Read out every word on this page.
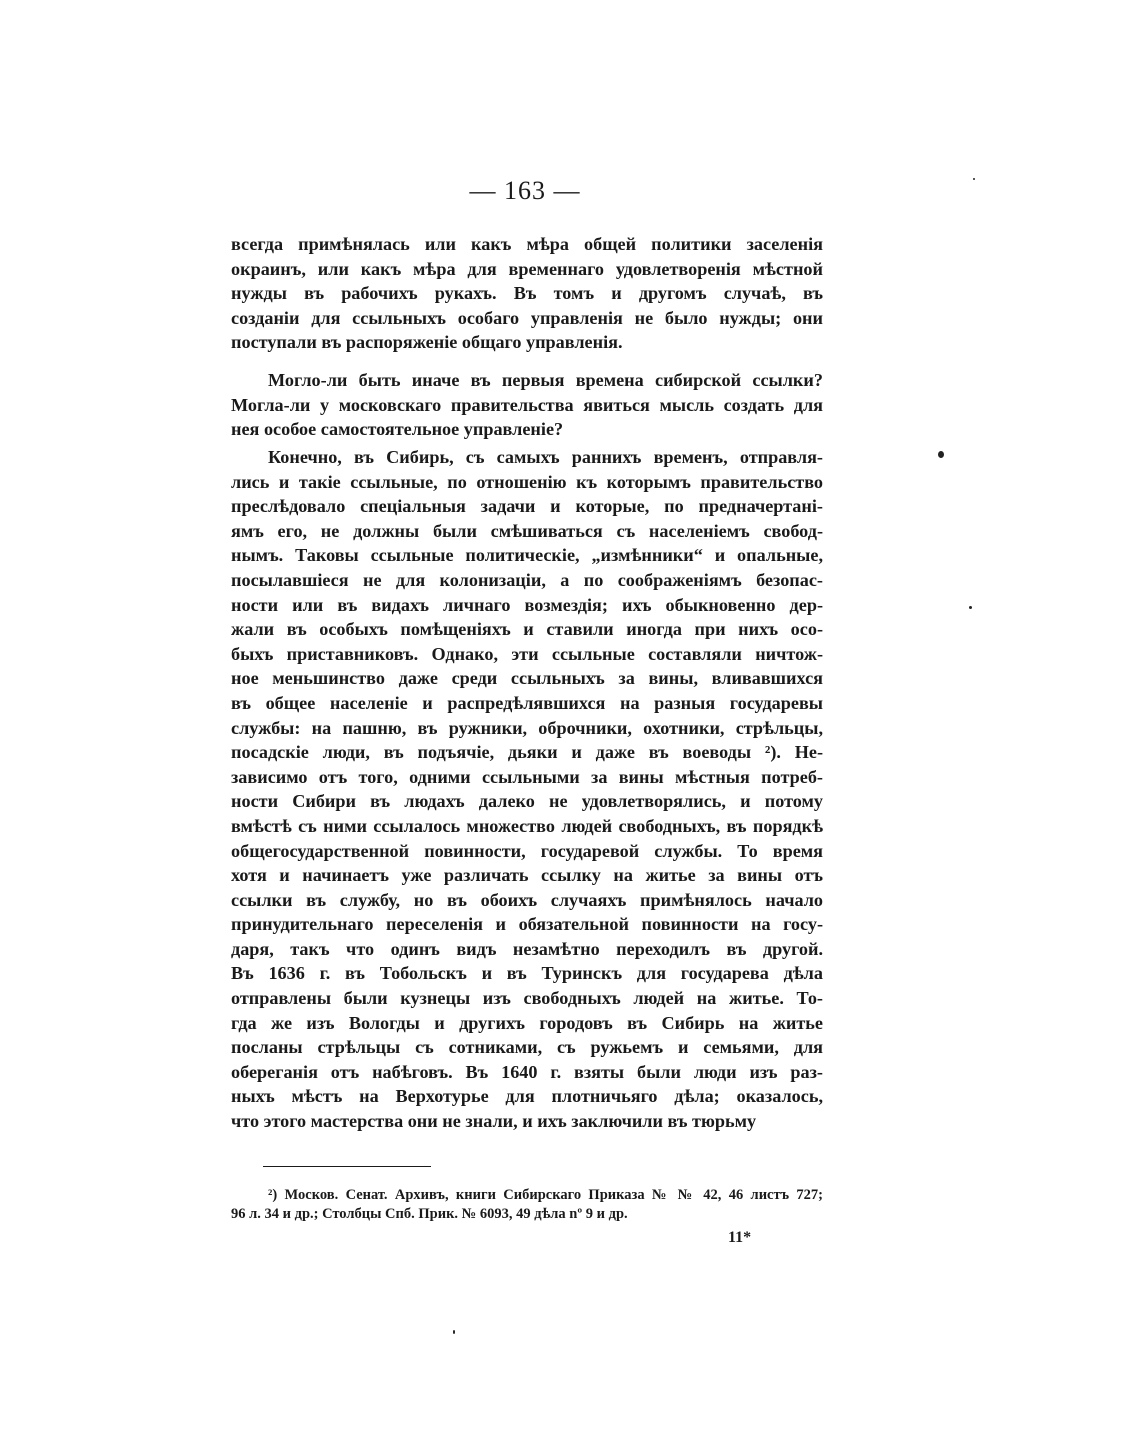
— 163 —
всегда примѣнялась или какъ мѣра общей политики заселенія
окраинъ, или какъ мѣра для временнаго удовлетворенія мѣстной
нужды въ рабочихъ рукахъ. Въ томъ и другомъ случаѣ, въ
созданіи для ссыльныхъ особаго управленія не было нужды; они
поступали въ распоряженіе общаго управленія.
Могло-ли быть иначе въ первыя времена сибирской ссылки?
Могла-ли у московскаго правительства явиться мысль создать для
нея особое самостоятельное управленіе?
Конечно, въ Сибирь, съ самыхъ раннихъ временъ, отправля-
лись и такіе ссыльные, по отношенію къ которымъ правительство
преслѣдовало спеціальныя задачи и которые, по предначертані-
ямъ его, не должны были смѣшиваться съ населеніемъ свобод-
нымъ. Таковы ссыльные политическіе, „измѣнники“ и опальные,
посылавшіеся не для колонизаціи, а по соображеніямъ безопас-
ности или въ видахъ личнаго возмездія; ихъ обыкновенно дер-
жали въ особыхъ помѣщеніяхъ и ставили иногда при нихъ осо-
быхъ приставниковъ. Однако, эти ссыльные составляли ничтож-
ное меньшинство даже среди ссыльныхъ за вины, вливавшихся
въ общее населеніе и распредѣлявшихся на разныя государевы
службы: на пашню, въ ружники, оброчники, охотники, стрѣльцы,
посадскіе люди, въ подъячіе, дьяки и даже въ воеводы ²). Не-
зависимо отъ того, одними ссыльными за вины мѣстныя потреб-
ности Сибири въ людахъ далеко не удовлетворялись, и потому
вмѣстѣ съ ними ссылалось множество людей свободныхъ, въ порядкѣ
общегосударственной повинности, государевой службы. То время
хотя и начинаетъ уже различать ссылку на житье за вины отъ
ссылки въ службу, но въ обоихъ случаяхъ примѣнялось начало
принудительнаго переселенія и обязательной повинности на госу-
даря, такъ что одинъ видъ незамѣтно переходилъ въ другой.
Въ 1636 г. въ Тобольскъ и въ Туринскъ для государева дѣла
отправлены были кузнецы изъ свободныхъ людей на житье. То-
гда же изъ Вологды и другихъ городовъ въ Сибирь на житье
посланы стрѣльцы съ сотниками, съ ружьемъ и семьями, для
обереганія отъ набѣговъ. Въ 1640 г. взяты были люди изъ раз-
ныхъ мѣстъ на Верхотурье для плотничьяго дѣла; оказалось,
что этого мастерства они не знали, и ихъ заключили въ тюрьму
²) Москов. Сенат. Архивъ, книги Сибирскаго Приказа № № 42, 46 листъ 727;
96 л. 34 и др.; Столбцы Спб. Прик. № 6093, 49 дѣла nº 9 и др.
11*
